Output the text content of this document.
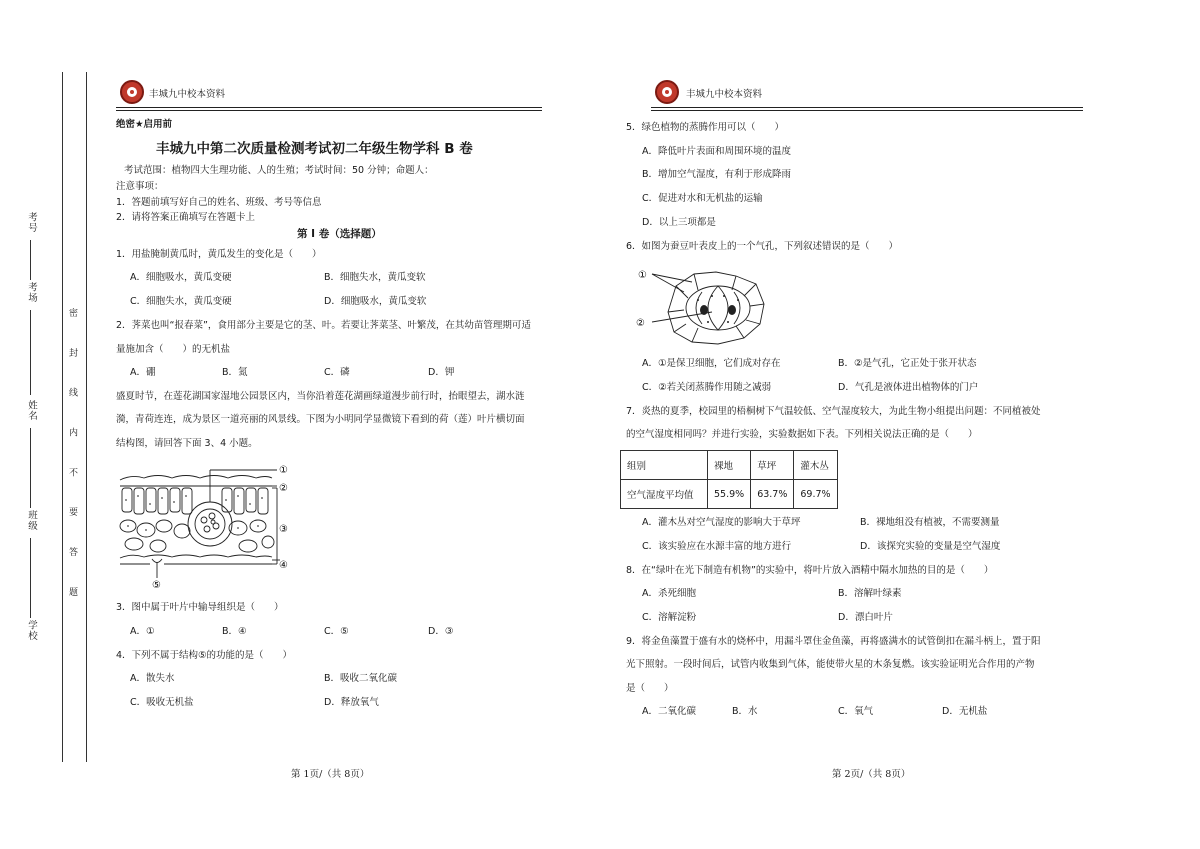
考号
考场
姓名
班级
学校
密 封 线 内 不 要 答 题
丰城九中校本资料
绝密★启用前
丰城九中第二次质量检测考试初二年级生物学科 B 卷
考试范围：植物四大生理功能、人的生殖；考试时间：50 分钟；命题人：
注意事项：
1．答题前填写好自己的姓名、班级、考号等信息
2．请将答案正确填写在答题卡上
第 I 卷（选择题）
1．用盐腌制黄瓜时，黄瓜发生的变化是（　　）
A．细胞吸水，黄瓜变硬	B．细胞失水，黄瓜变软
C．细胞失水，黄瓜变硬	D．细胞吸水，黄瓜变软
2．荠菜也叫“报春菜”，食用部分主要是它的茎、叶。若要让荠菜茎、叶繁茂，在其幼苗管理期可适
量施加含（　　）的无机盐
A．硼	B．氮	C．磷	D．钾
盛夏时节，在莲花湖国家湿地公园景区内，当你沿着莲花湖画绿道漫步前行时，抬眼望去，湖水涟
漪，青荷连连，成为景区一道亮丽的风景线。下图为小明同学显微镜下看到的荷（莲）叶片横切面
结构图，请回答下面 3、4 小题。
①
②
③
④
⑤
3．图中属于叶片中输导组织是（　　）
A．①	B．④	C．⑤	D．③
4．下列不属于结构⑤的功能的是（　　）
A．散失水	B．吸收二氧化碳
C．吸收无机盐	D．释放氧气
第 1页/（共 8页）
丰城九中校本资料
5．绿色植物的蒸腾作用可以（　　）
A．降低叶片表面和周围环境的温度
B．增加空气湿度，有利于形成降雨
C．促进对水和无机盐的运输
D．以上三项都是
6．如图为蚕豆叶表皮上的一个气孔，下列叙述错误的是（　　）
①
②
A．①是保卫细胞，它们成对存在	B．②是气孔，它正处于张开状态
C．②若关闭蒸腾作用随之减弱	D．气孔是液体进出植物体的门户
7．炎热的夏季，校园里的梧桐树下气温较低、空气湿度较大，为此生物小组提出问题：不同植被处
的空气湿度相同吗？并进行实验，实验数据如下表。下列相关说法正确的是（　　）
组别	裸地	草坪	灌木丛
空气湿度平均值	55.9%	63.7%	69.7%
A．灌木丛对空气湿度的影响大于草坪	B．裸地组没有植被，不需要测量
C．该实验应在水源丰富的地方进行	D．该探究实验的变量是空气湿度
8．在“绿叶在光下制造有机物”的实验中，将叶片放入酒精中隔水加热的目的是（　　）
A．杀死细胞	B．溶解叶绿素
C．溶解淀粉	D．漂白叶片
9．将金鱼藻置于盛有水的烧杯中，用漏斗罩住金鱼藻，再将盛满水的试管倒扣在漏斗柄上，置于阳
光下照射。一段时间后，试管内收集到气体，能使带火星的木条复燃。该实验证明光合作用的产物
是（　　）
A．二氧化碳	B．水	C．氧气	D．无机盐
第 2页/（共 8页）
